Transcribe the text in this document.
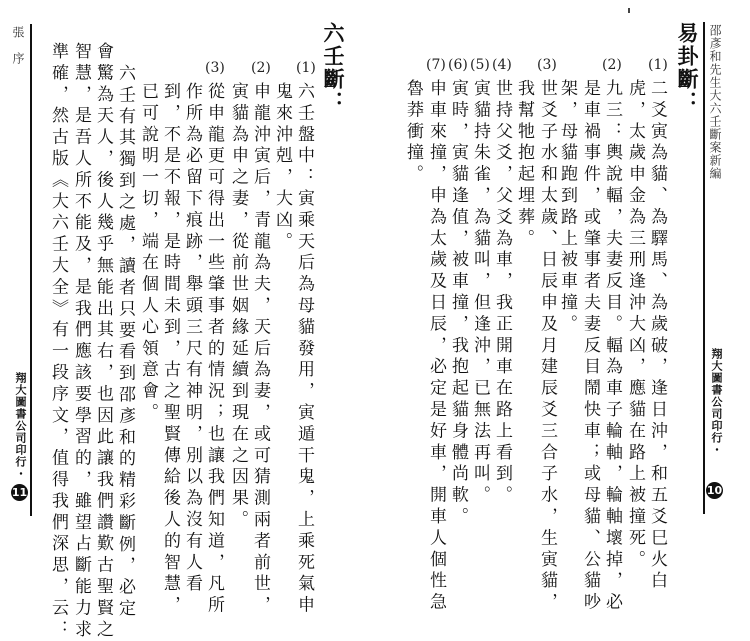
邵彥和先生大六壬斷案新編
翔大圖書公司印行・
10
易卦斷：
(1)
二爻寅為貓、為驛馬、為歲破，逢日沖，和五爻巳火白
虎，太歲申金為三刑逢沖大凶，應貓在路上被撞死。
(2)
九三：輿說輻，夫妻反目。輻為車子輪軸，輪軸壞掉，必
是車禍事件，或肇事者夫妻反目鬧快車；或母貓、公貓吵
架，母貓跑到路上被車撞。
(3)
世爻子水和太歲、日辰申及月建辰爻三合子水，生寅貓，
我幫牠抱起埋葬。
(4)
世持父爻，父爻為車，我正開車在路上看到。
(5)
寅貓持朱雀，為貓叫，但逢沖，已無法再叫。
(6)
寅時，寅貓逢值，被車撞，我抱起貓身體尚軟。
(7)
申車來撞，申為太歲及日辰，必定是好車，開車人個性急
魯莽衝撞。
張　序
翔大圖書公司印行・
11
六壬斷：
(1)
六壬盤中：寅乘天后為母貓發用，寅遁干鬼，上乘死氣申
鬼來沖剋，大凶。
(2)
申龍沖寅后，青龍為夫，天后為妻，或可猜測兩者前世，
寅貓為申之妻，從前世姻緣延續到現在之因果。
(3)
從申龍更可得出一些肇事者的情況；也讓我們知道，凡所
作所為必留下痕跡，舉頭三尺有神明，別以為沒有人看
到，不是不報，是時間未到，古之聖賢傳給後人的智慧，
已可說明一切，端在個人心領意會。
六壬有其獨到之處，讀者只要看到邵彥和的精彩斷例，必定
會驚為天人，後人幾乎無能出其右，也因此讓我們讚歎古聖賢之
智慧，是吾人所不能及，是我們應該要學習的，雖望占斷能力求
準確，然古版《大六壬大全》有一段序文，值得我們深思，云：
